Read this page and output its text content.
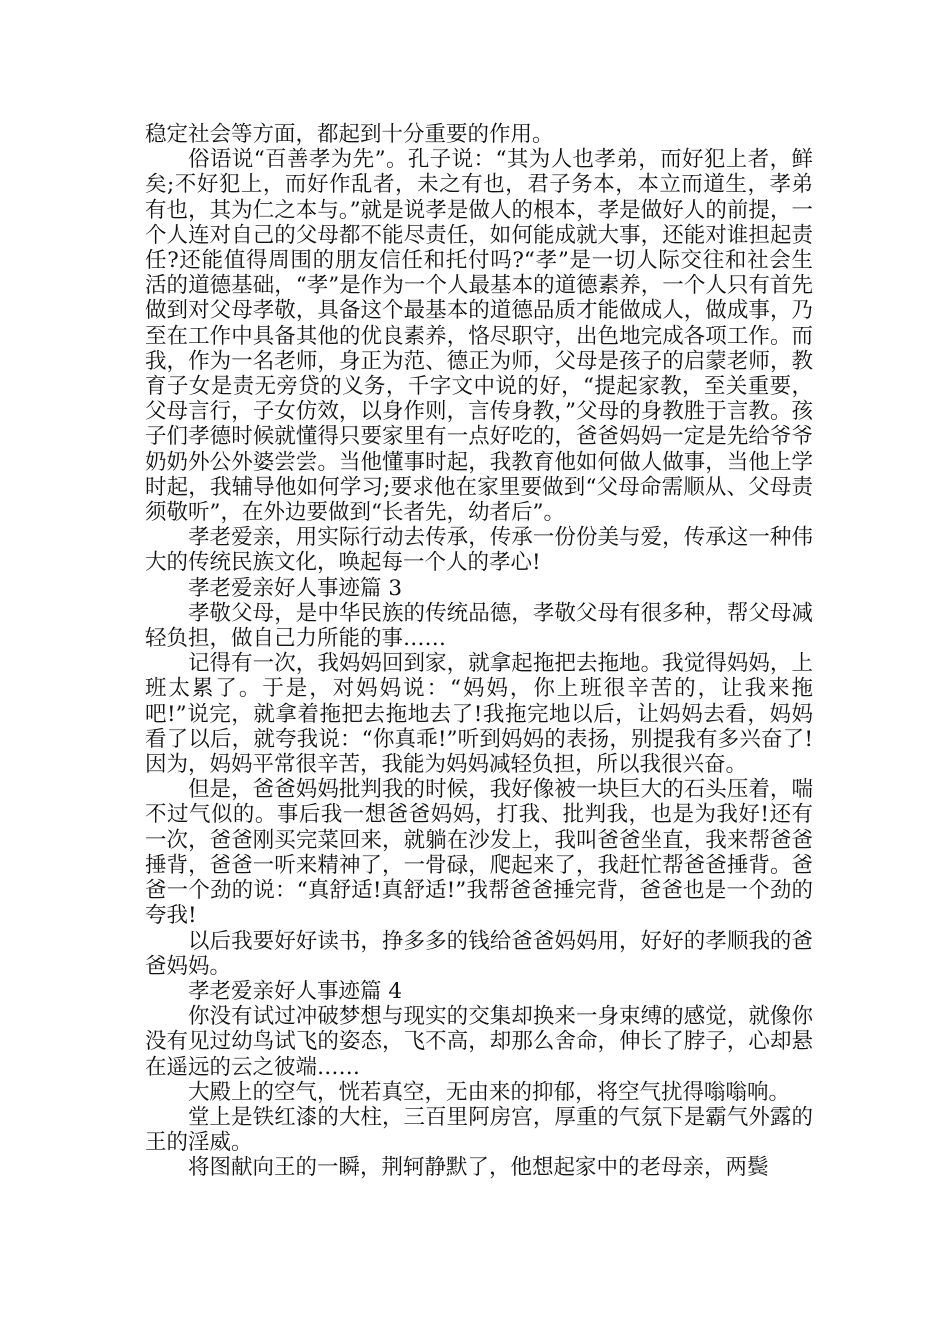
稳定社会等方面，都起到十分重要的作用。

俗语说“百善孝为先”。孔子说：“其为人也孝弟，而好犯上者，鲜矣;不好犯上，而好作乱者，未之有也，君子务本，本立而道生，孝弟有也，其为仁之本与。”就是说孝是做人的根本，孝是做好人的前提，一个人连对自己的父母都不能尽责任，如何能成就大事，还能对谁担起责任?还能值得周围的朋友信任和托付吗?“孝”是一切人际交往和社会生活的道德基础，“孝”是作为一个人最基本的道德素养，一个人只有首先做到对父母孝敬，具备这个最基本的道德品质才能做成人，做成事，乃至在工作中具备其他的优良素养，恪尽职守，出色地完成各项工作。而我，作为一名老师，身正为范、德正为师，父母是孩子的启蒙老师，教育子女是责无旁贷的义务，千字文中说的好，“提起家教，至关重要，父母言行，子女仿效，以身作则，言传身教，”父母的身教胜于言教。孩子们孝德时候就懂得只要家里有一点好吃的，爸爸妈妈一定是先给爷爷奶奶外公外婆尝尝。当他懂事时起，我教育他如何做人做事，当他上学时起，我辅导他如何学习;要求他在家里要做到“父母命需顺从、父母责须敬听”，在外边要做到“长者先，幼者后”。

孝老爱亲，用实际行动去传承，传承一份份美与爱，传承这一种伟大的传统民族文化，唤起每一个人的孝心!

孝老爱亲好人事迹篇 3

孝敬父母，是中华民族的传统品德，孝敬父母有很多种，帮父母减轻负担，做自己力所能的事……

记得有一次，我妈妈回到家，就拿起拖把去拖地。我觉得妈妈，上班太累了。于是，对妈妈说：“妈妈，你上班很辛苦的，让我来拖吧!”说完，就拿着拖把去拖地去了!我拖完地以后，让妈妈去看，妈妈看了以后，就夸我说：“你真乖!”听到妈妈的表扬，别提我有多兴奋了!因为，妈妈平常很辛苦，我能为妈妈减轻负担，所以我很兴奋。

但是，爸爸妈妈批判我的时候，我好像被一块巨大的石头压着，喘不过气似的。事后我一想爸爸妈妈，打我、批判我，也是为我好!还有一次，爸爸刚买完菜回来，就躺在沙发上，我叫爸爸坐直，我来帮爸爸捶背，爸爸一听来精神了，一骨碌，爬起来了，我赶忙帮爸爸捶背。爸爸一个劲的说：“真舒适!真舒适!”我帮爸爸捶完背，爸爸也是一个劲的夸我!

以后我要好好读书，挣多多的钱给爸爸妈妈用，好好的孝顺我的爸爸妈妈。

孝老爱亲好人事迹篇 4

你没有试过冲破梦想与现实的交集却换来一身束缚的感觉，就像你没有见过幼鸟试飞的姿态，飞不高，却那么舍命，伸长了脖子，心却悬在遥远的云之彼端……

大殿上的空气，恍若真空，无由来的抑郁，将空气扰得嗡嗡响。

堂上是铁红漆的大柱，三百里阿房宫，厚重的气氛下是霸气外露的王的淫威。

将图献向王的一瞬，荆轲静默了，他想起家中的老母亲，两鬓
